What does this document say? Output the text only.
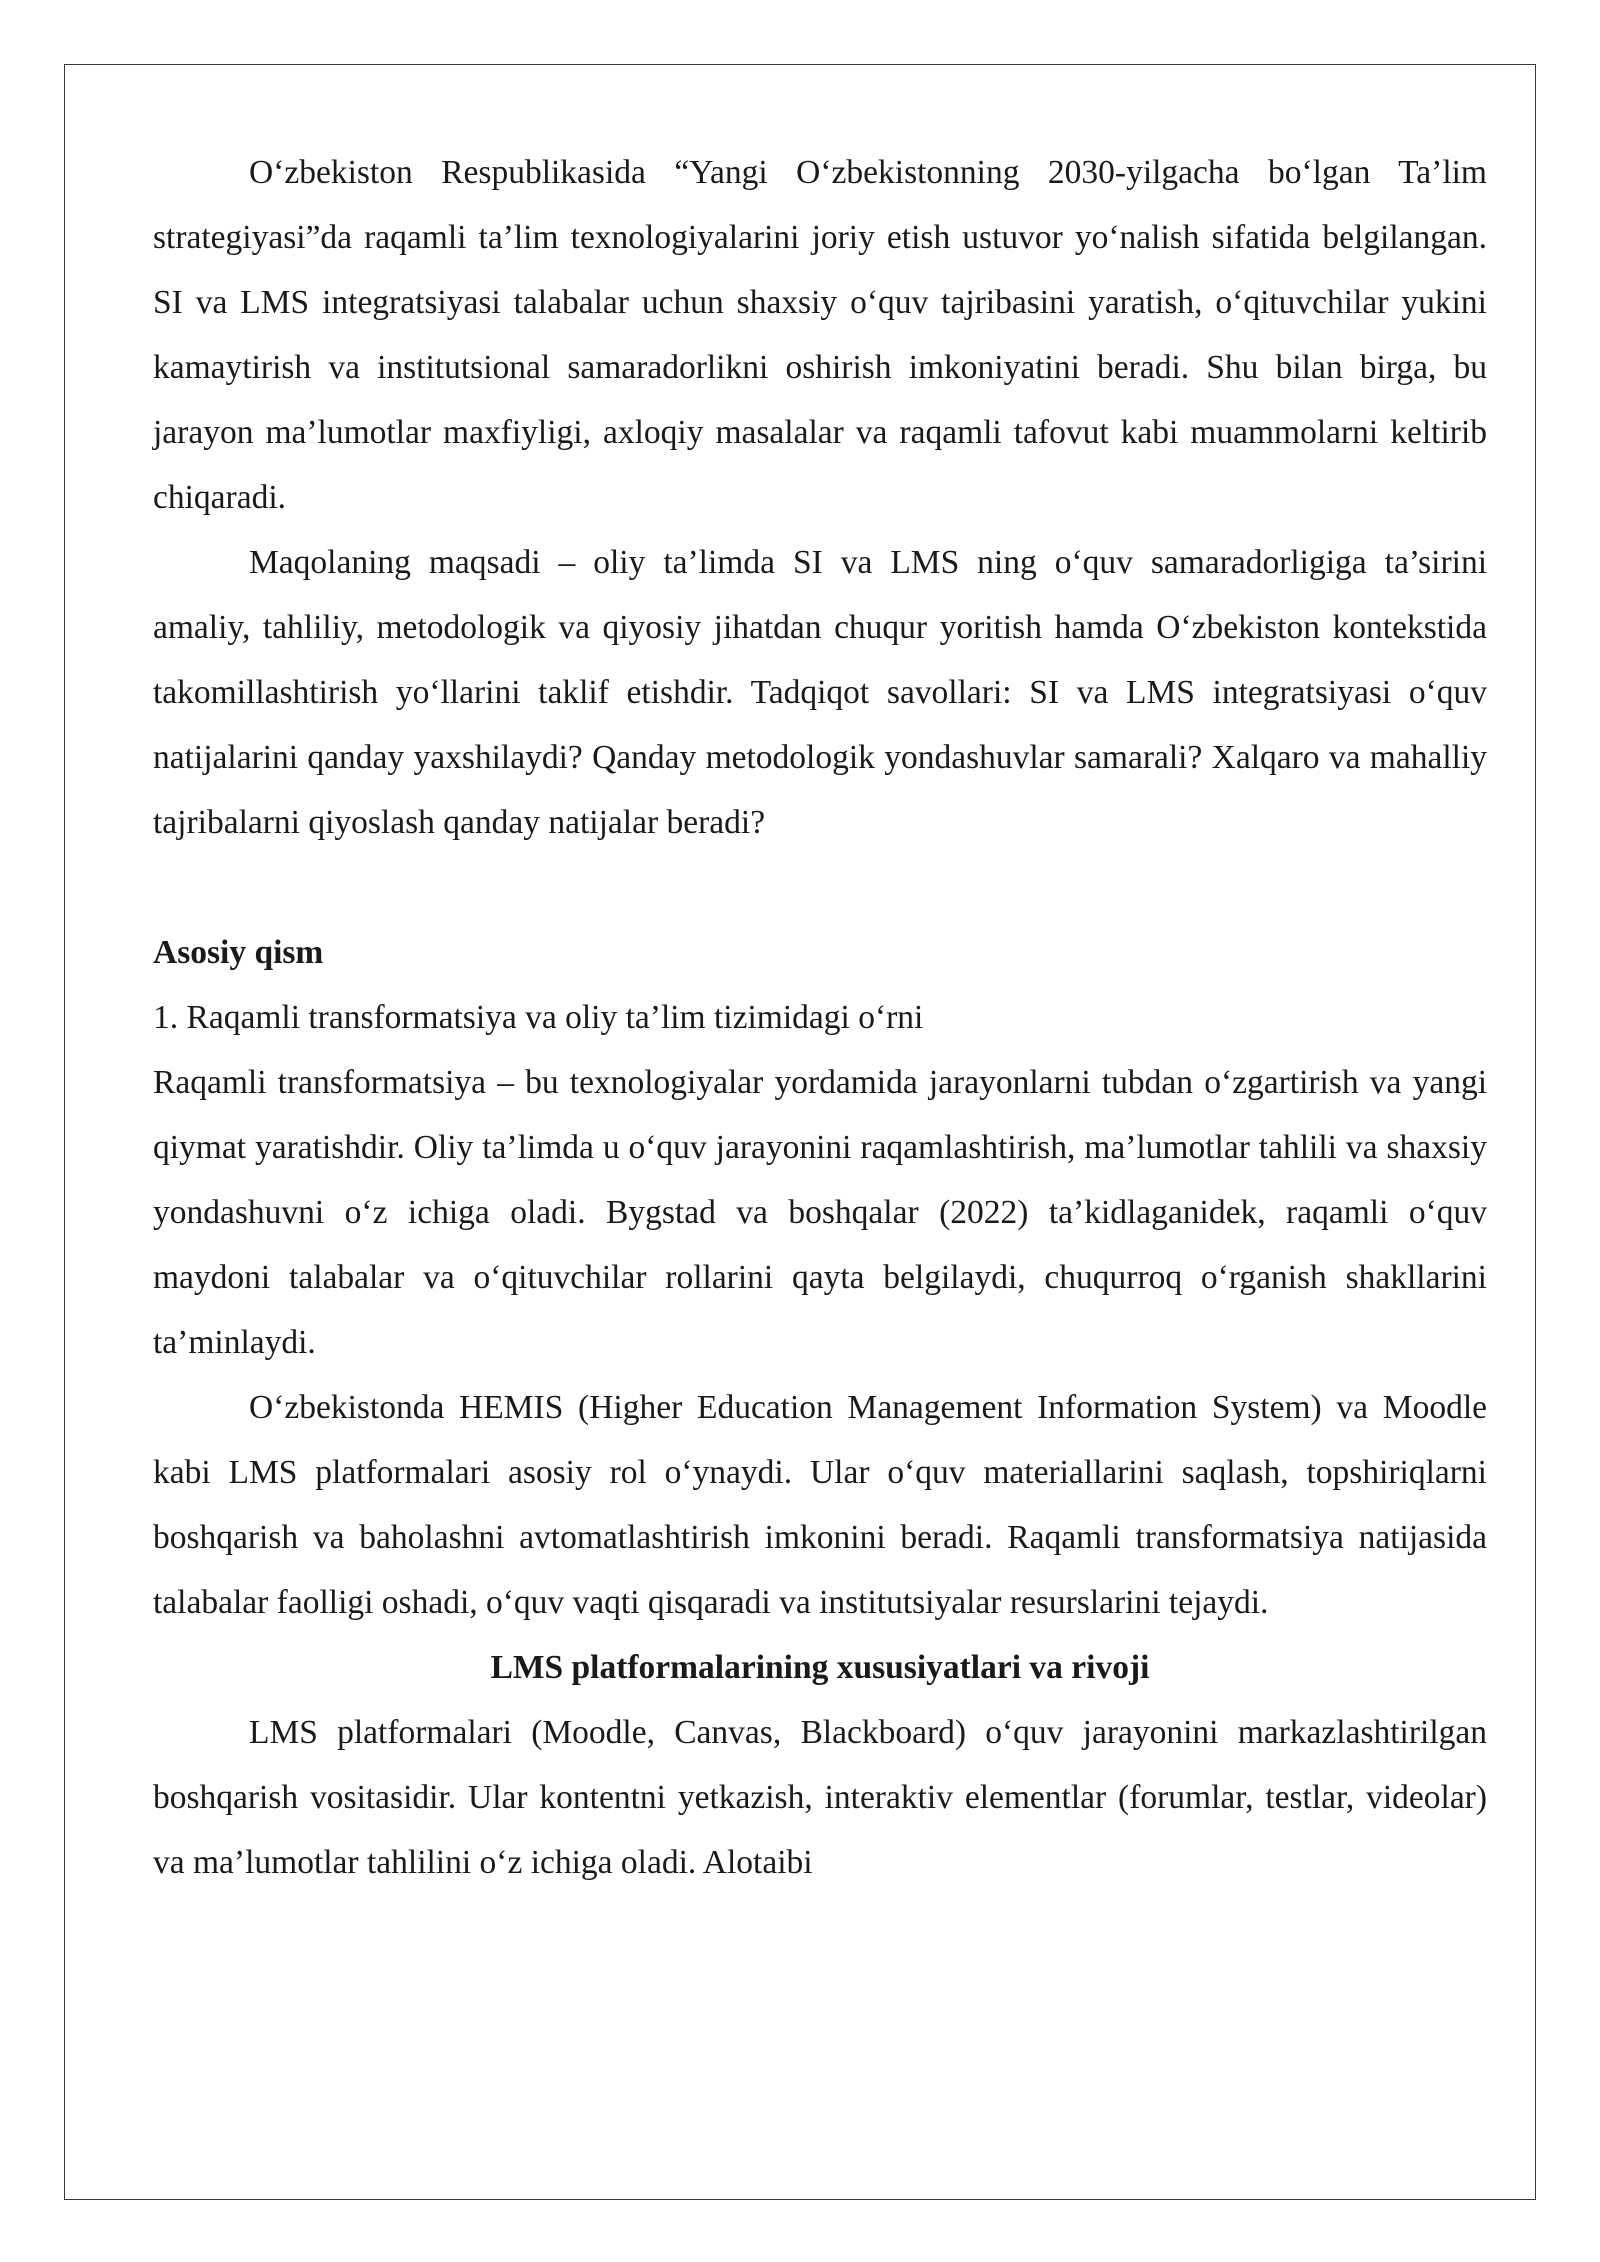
O‘zbekiston Respublikasida “Yangi O‘zbekistonning 2030-yilgacha bo‘lgan Ta’lim strategiyasi”da raqamli ta’lim texnologiyalarini joriy etish ustuvor yo‘nalish sifatida belgilangan. SI va LMS integratsiyasi talabalar uchun shaxsiy o‘quv tajribasini yaratish, o‘qituvchilar yukini kamaytirish va institutsional samaradorlikni oshirish imkoniyatini beradi. Shu bilan birga, bu jarayon ma’lumotlar maxfiyligi, axloqiy masalalar va raqamli tafovut kabi muammolarni keltirib chiqaradi.

Maqolaning maqsadi – oliy ta’limda SI va LMS ning o‘quv samaradorligiga ta’sirini amaliy, tahliliy, metodologik va qiyosiy jihatdan chuqur yoritish hamda O‘zbekiston kontekstida takomillashtirish yo‘llarini taklif etishdir. Tadqiqot savollari: SI va LMS integratsiyasi o‘quv natijalarini qanday yaxshilaydi? Qanday metodologik yondashuvlar samarali? Xalqaro va mahalliy tajribalarni qiyoslash qanday natijalar beradi?

Asosiy qism

1. Raqamli transformatsiya va oliy ta’lim tizimidagi o‘rni

Raqamli transformatsiya – bu texnologiyalar yordamida jarayonlarni tubdan o‘zgartirish va yangi qiymat yaratishdir. Oliy ta’limda u o‘quv jarayonini raqamlashtirish, ma’lumotlar tahlili va shaxsiy yondashuvni o‘z ichiga oladi. Bygstad va boshqalar (2022) ta’kidlaganidek, raqamli o‘quv maydoni talabalar va o‘qituvchilar rollarini qayta belgilaydi, chuqurroq o‘rganish shakllarini ta’minlaydi.

O‘zbekistonda HEMIS (Higher Education Management Information System) va Moodle kabi LMS platformalari asosiy rol o‘ynaydi. Ular o‘quv materiallarini saqlash, topshiriqlarni boshqarish va baholashni avtomatlashtirish imkonini beradi. Raqamli transformatsiya natijasida talabalar faolligi oshadi, o‘quv vaqti qisqaradi va institutsiyalar resurslarini tejaydi.

LMS platformalarining xususiyatlari va rivoji

LMS platformalari (Moodle, Canvas, Blackboard) o‘quv jarayonini markazlashtirilgan boshqarish vositasidir. Ular kontentni yetkazish, interaktiv elementlar (forumlar, testlar, videolar) va ma’lumotlar tahlilini o‘z ichiga oladi. Alotaibi
